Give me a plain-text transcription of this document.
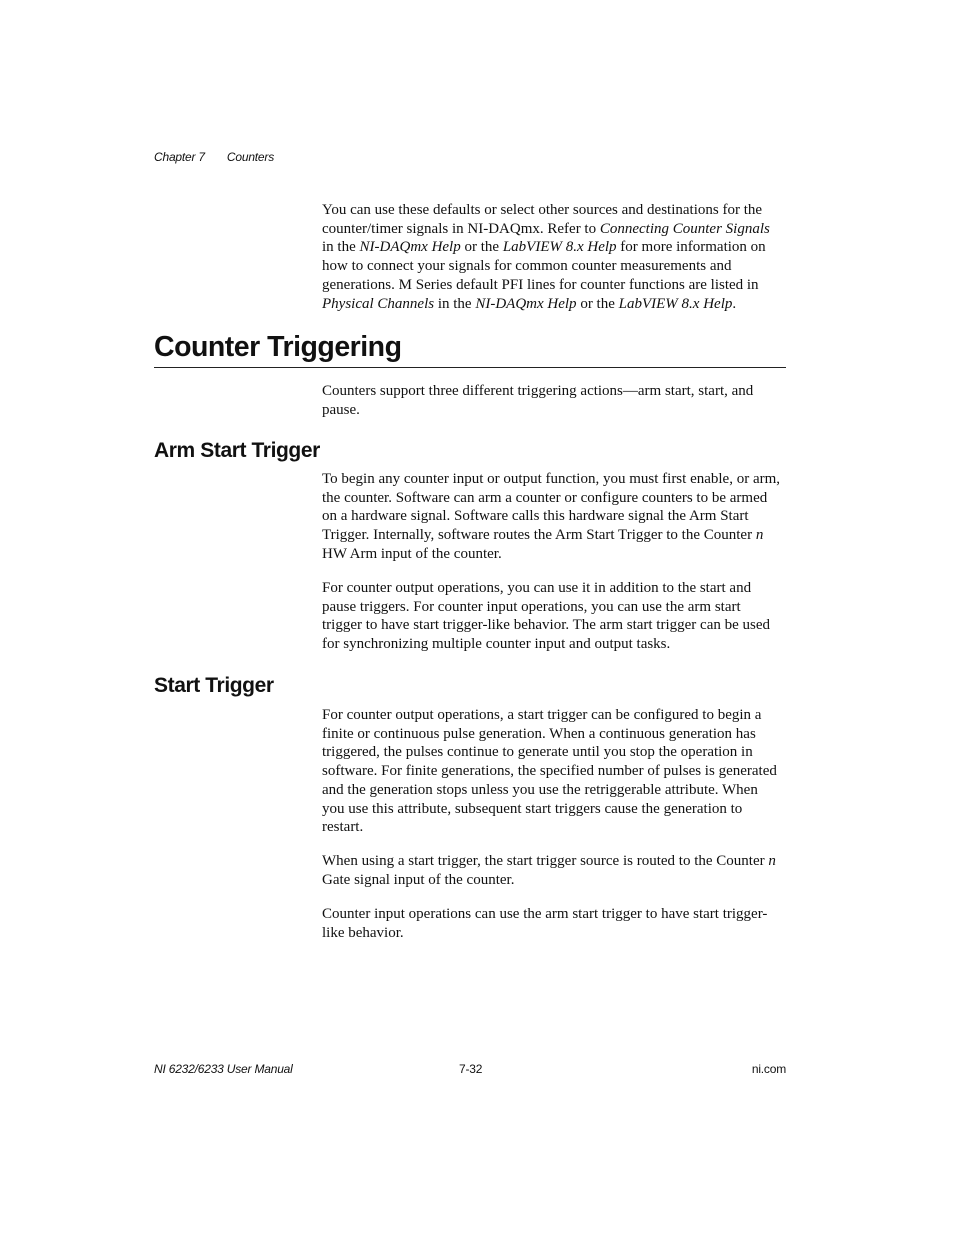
Chapter 7 Counters

You can use these defaults or select other sources and destinations for the counter/timer signals in NI-DAQmx. Refer to Connecting Counter Signals in the NI-DAQmx Help or the LabVIEW 8.x Help for more information on how to connect your signals for common counter measurements and generations. M Series default PFI lines for counter functions are listed in Physical Channels in the NI-DAQmx Help or the LabVIEW 8.x Help.

Counter Triggering

Counters support three different triggering actions—arm start, start, and pause.

Arm Start Trigger

To begin any counter input or output function, you must first enable, or arm, the counter. Software can arm a counter or configure counters to be armed on a hardware signal. Software calls this hardware signal the Arm Start Trigger. Internally, software routes the Arm Start Trigger to the Counter n HW Arm input of the counter.

For counter output operations, you can use it in addition to the start and pause triggers. For counter input operations, you can use the arm start trigger to have start trigger-like behavior. The arm start trigger can be used for synchronizing multiple counter input and output tasks.

Start Trigger

For counter output operations, a start trigger can be configured to begin a finite or continuous pulse generation. When a continuous generation has triggered, the pulses continue to generate until you stop the operation in software. For finite generations, the specified number of pulses is generated and the generation stops unless you use the retriggerable attribute. When you use this attribute, subsequent start triggers cause the generation to restart.

When using a start trigger, the start trigger source is routed to the Counter n Gate signal input of the counter.

Counter input operations can use the arm start trigger to have start trigger-like behavior.

NI 6232/6233 User Manual	7-32	ni.com
